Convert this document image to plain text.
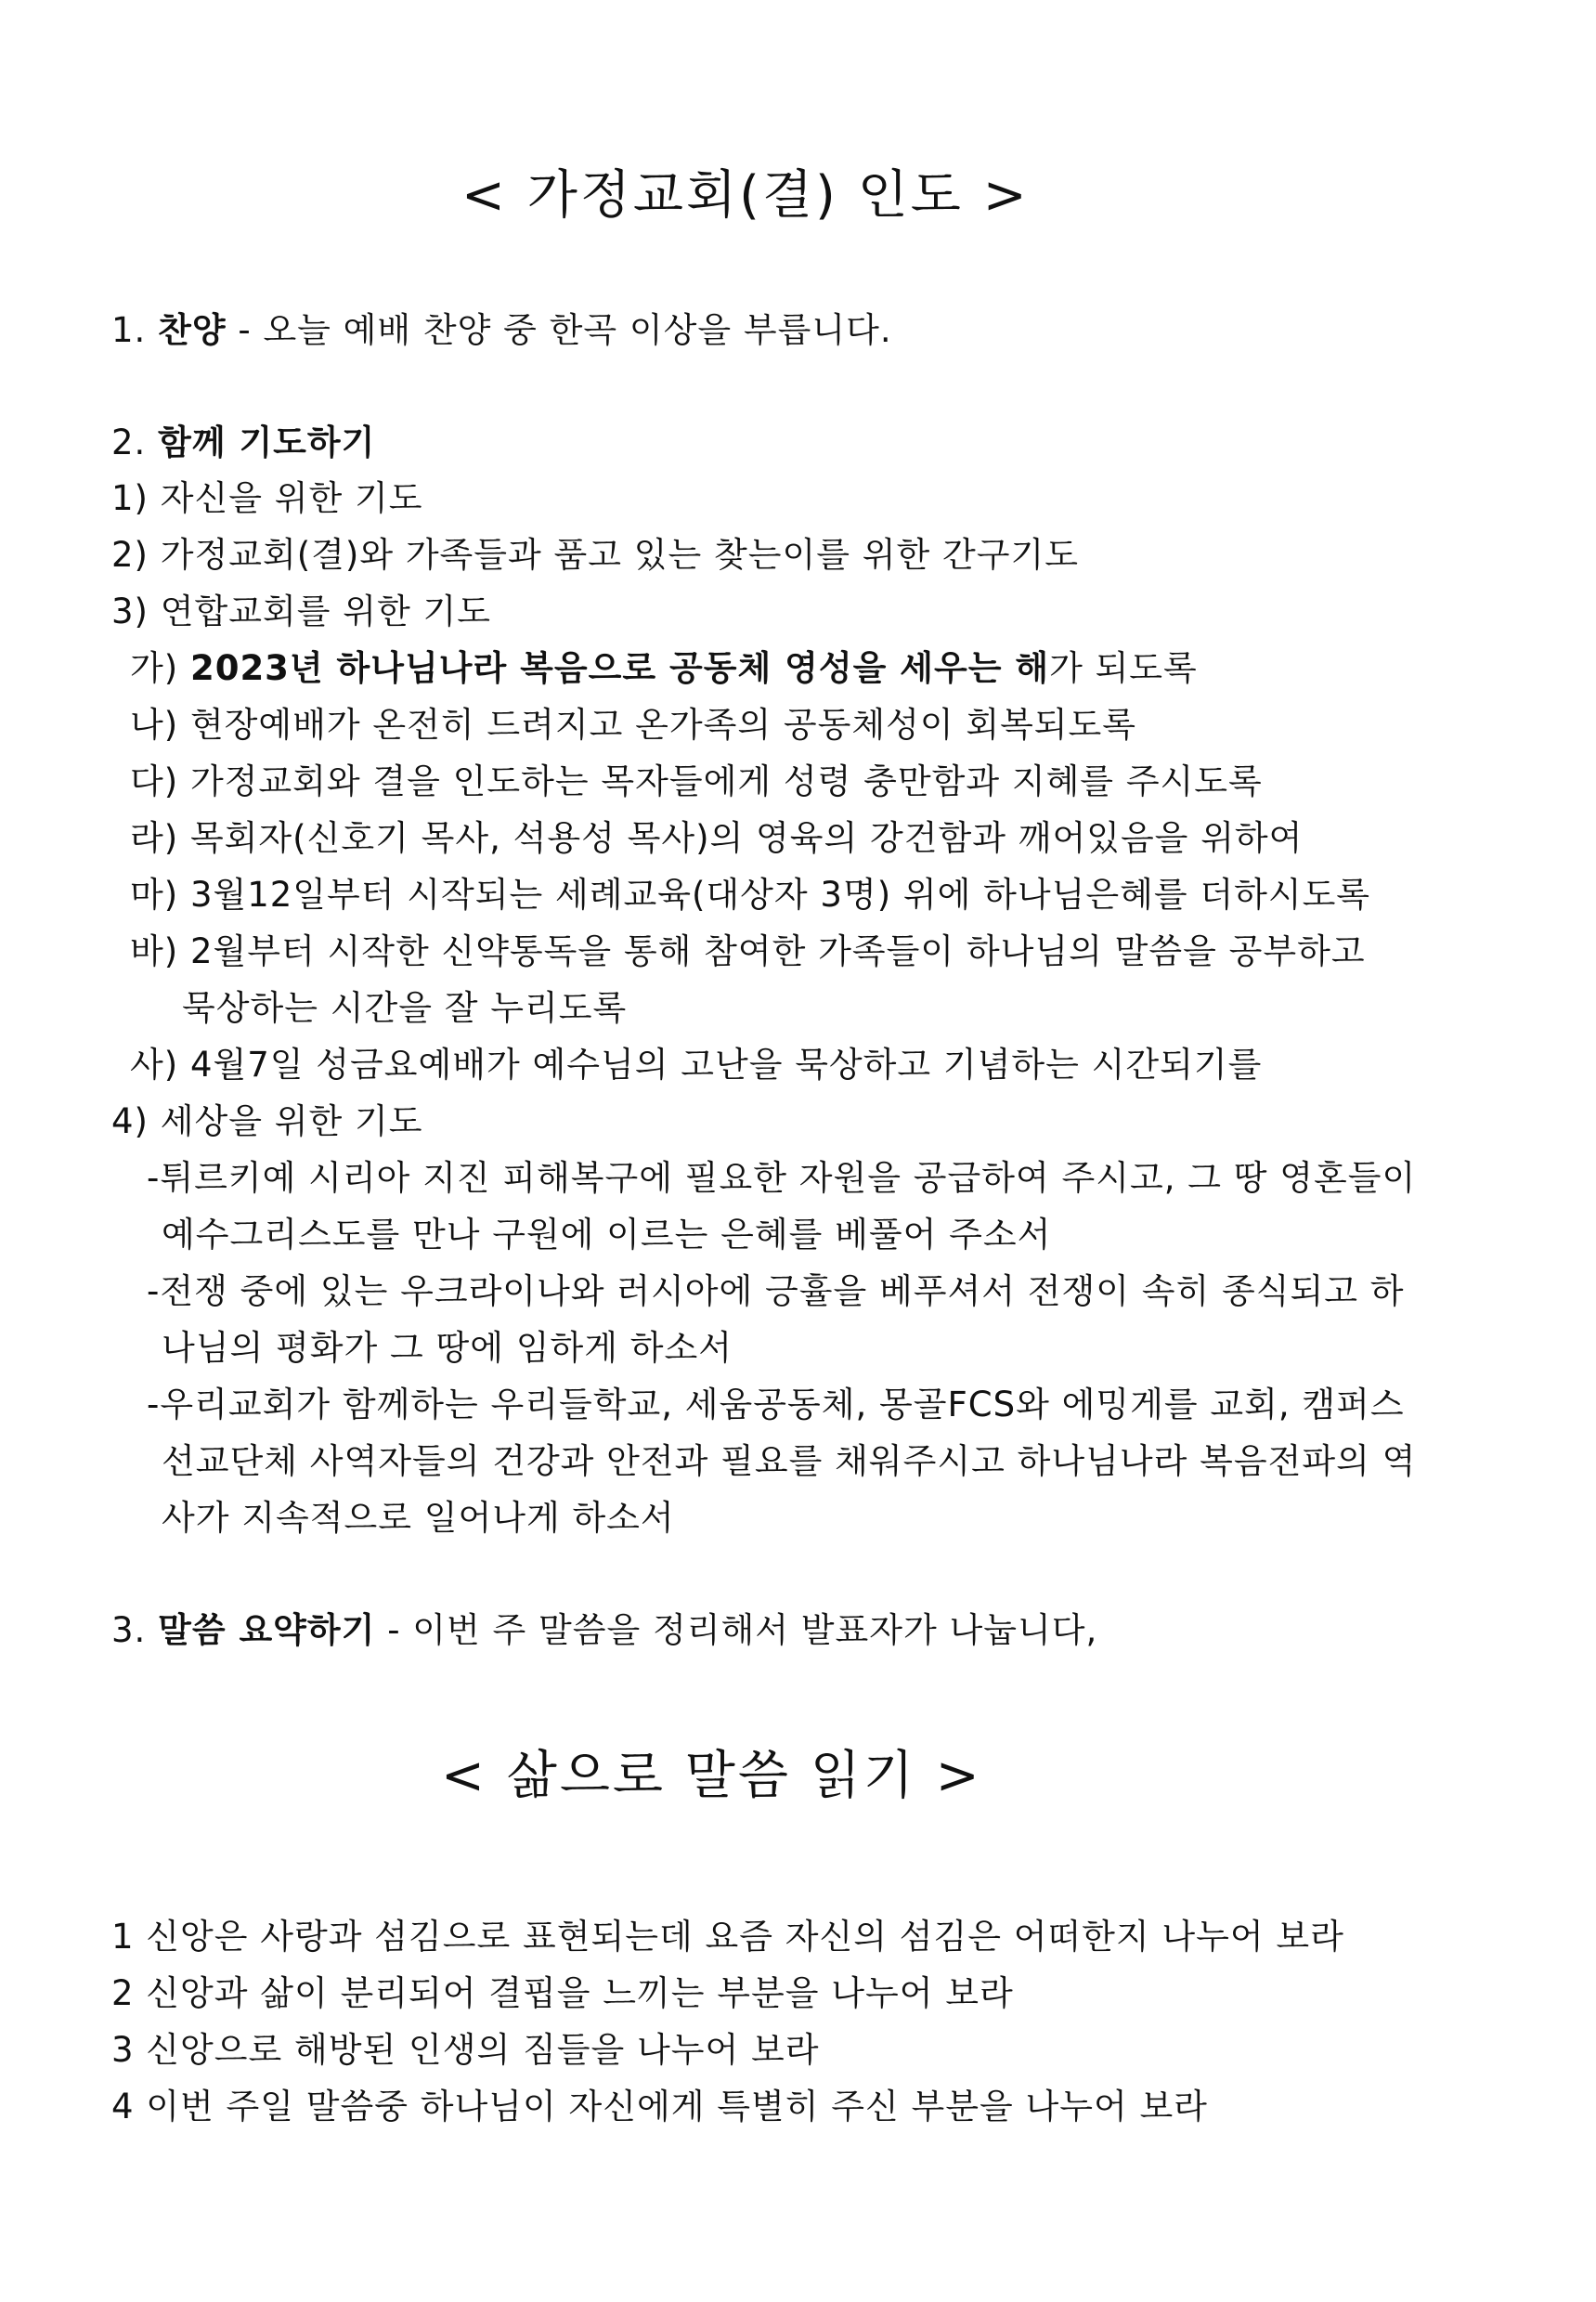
< 가정교회(결) 인도 >
1. 찬양 - 오늘 예배 찬양 중 한곡 이상을 부릅니다.
2. 함께 기도하기
1) 자신을 위한 기도
2) 가정교회(결)와 가족들과 품고 있는 찾는이를 위한 간구기도
3) 연합교회를 위한 기도
가) 2023년 하나님나라 복음으로 공동체 영성을 세우는 해가 되도록
나) 현장예배가 온전히 드려지고 온가족의 공동체성이 회복되도록
다) 가정교회와 결을 인도하는 목자들에게 성령 충만함과 지혜를 주시도록
라) 목회자(신호기 목사, 석용성 목사)의 영육의 강건함과 깨어있음을 위하여
마) 3월12일부터 시작되는 세례교육(대상자 3명) 위에 하나님은혜를 더하시도록
바) 2월부터 시작한 신약통독을 통해 참여한 가족들이 하나님의 말씀을 공부하고
묵상하는 시간을 잘 누리도록
사) 4월7일 성금요예배가 예수님의 고난을 묵상하고 기념하는 시간되기를
4) 세상을 위한 기도
-튀르키예 시리아 지진 피해복구에 필요한 자원을 공급하여 주시고, 그 땅 영혼들이
예수그리스도를 만나 구원에 이르는 은혜를 베풀어 주소서
-전쟁 중에 있는 우크라이나와 러시아에 긍휼을 베푸셔서 전쟁이 속히 종식되고 하
나님의 평화가 그 땅에 임하게 하소서
-우리교회가 함께하는 우리들학교, 세움공동체, 몽골FCS와 에밍게를 교회, 캠퍼스
선교단체 사역자들의 건강과 안전과 필요를 채워주시고 하나님나라 복음전파의 역
사가 지속적으로 일어나게 하소서
3. 말씀 요약하기 - 이번 주 말씀을 정리해서 발표자가 나눕니다,
< 삶으로 말씀 읽기 >
1 신앙은 사랑과 섬김으로 표현되는데 요즘 자신의 섬김은 어떠한지 나누어 보라
2 신앙과 삶이 분리되어 결핍을 느끼는 부분을 나누어 보라
3 신앙으로 해방된 인생의 짐들을 나누어 보라
4 이번 주일 말씀중 하나님이 자신에게 특별히 주신 부분을 나누어 보라
